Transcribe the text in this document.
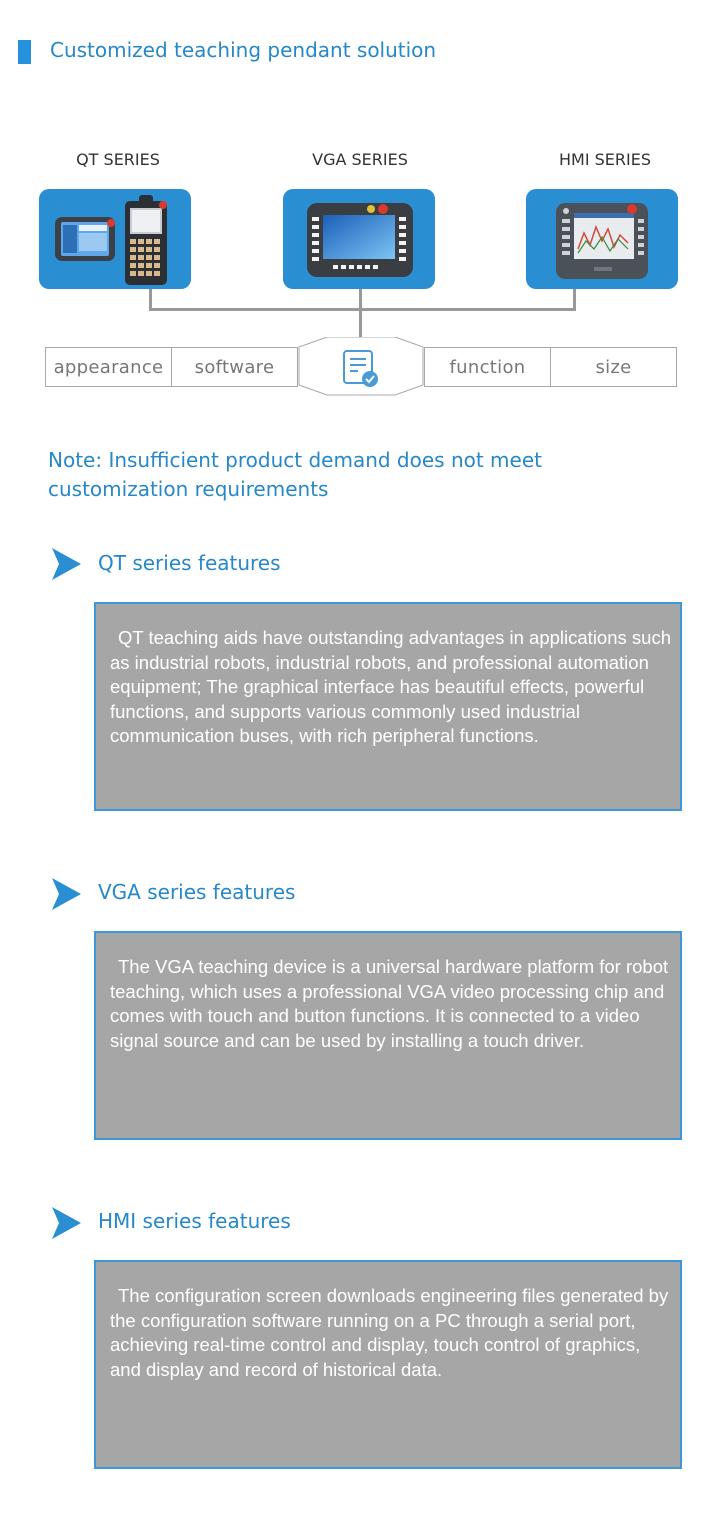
Customized teaching pendant solution
QT SERIES	VGA SERIES	HMI SERIES
appearance software	function	size
Note: Insufficient product demand does not meet customization requirements
QT series features
QT teaching aids have outstanding advantages in applications such as industrial robots, industrial robots, and professional automation equipment; The graphical interface has beautiful effects, powerful functions, and supports various commonly used industrial communication buses, with rich peripheral functions.
VGA series features
The VGA teaching device is a universal hardware platform for robot teaching, which uses a professional VGA video processing chip and comes with touch and button functions. It is connected to a video signal source and can be used by installing a touch driver.
HMI series features
The configuration screen downloads engineering files generated by the configuration software running on a PC through a serial port, achieving real-time control and display, touch control of graphics, and display and record of historical data.
